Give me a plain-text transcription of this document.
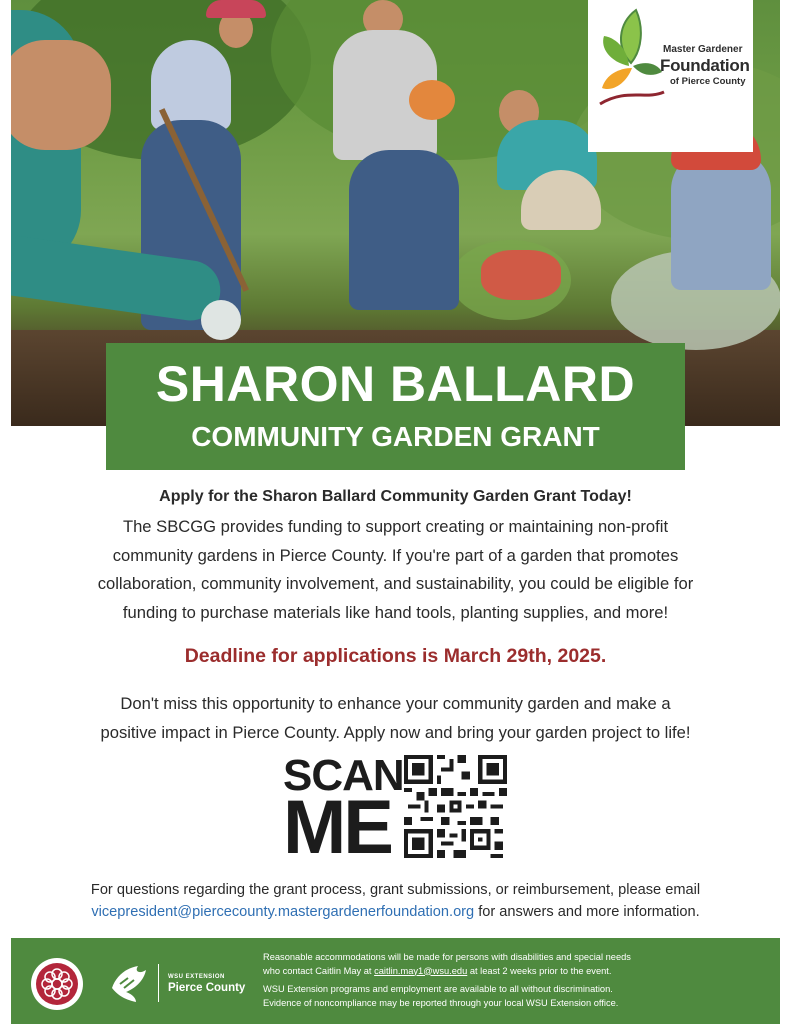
Master Gardener
Foundation
of Pierce County
SHARON BALLARD
COMMUNITY GARDEN GRANT
Apply for the Sharon Ballard Community Garden Grant Today!
The SBCGG provides funding to support creating or maintaining non-profit
community gardens in Pierce County. If you're part of a garden that promotes
collaboration, community involvement, and sustainability, you could be eligible for
funding to purchase materials like hand tools, planting supplies, and more!
Deadline for applications is March 29th, 2025.
Don't miss this opportunity to enhance your community garden and make a
positive impact in Pierce County. Apply now and bring your garden project to life!
SCAN
ME
For questions regarding the grant process, grant submissions, or reimbursement, please email
vicepresident@piercecounty.mastergardenerfoundation.org for answers and more information.
WSU EXTENSION
Pierce County
Reasonable accommodations will be made for persons with disabilities and special needs
who contact Caitlin May at caitlin.may1@wsu.edu at least 2 weeks prior to the event.
WSU Extension programs and employment are available to all without discrimination.
Evidence of noncompliance may be reported through your local WSU Extension office.
